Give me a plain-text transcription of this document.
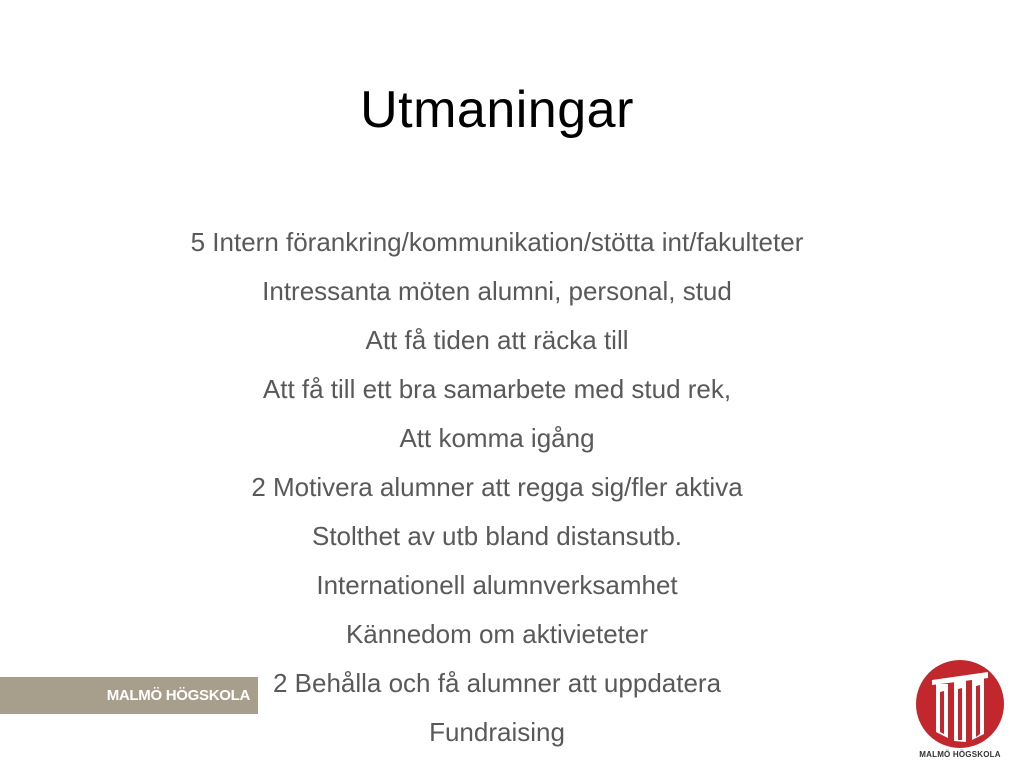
Utmaningar
5 Intern förankring/kommunikation/stötta int/fakulteter
Intressanta möten alumni, personal, stud
Att få tiden att räcka till
Att få till ett bra samarbete med stud rek,
Att komma igång
2 Motivera alumner att regga sig/fler aktiva
Stolthet av utb bland distansutb.
Internationell alumnverksamhet
Kännedom om aktivieteter
2 Behålla och få alumner att uppdatera
Fundraising
MALMÖ HÖGSKOLA
MALMÖ HÖGSKOLA
